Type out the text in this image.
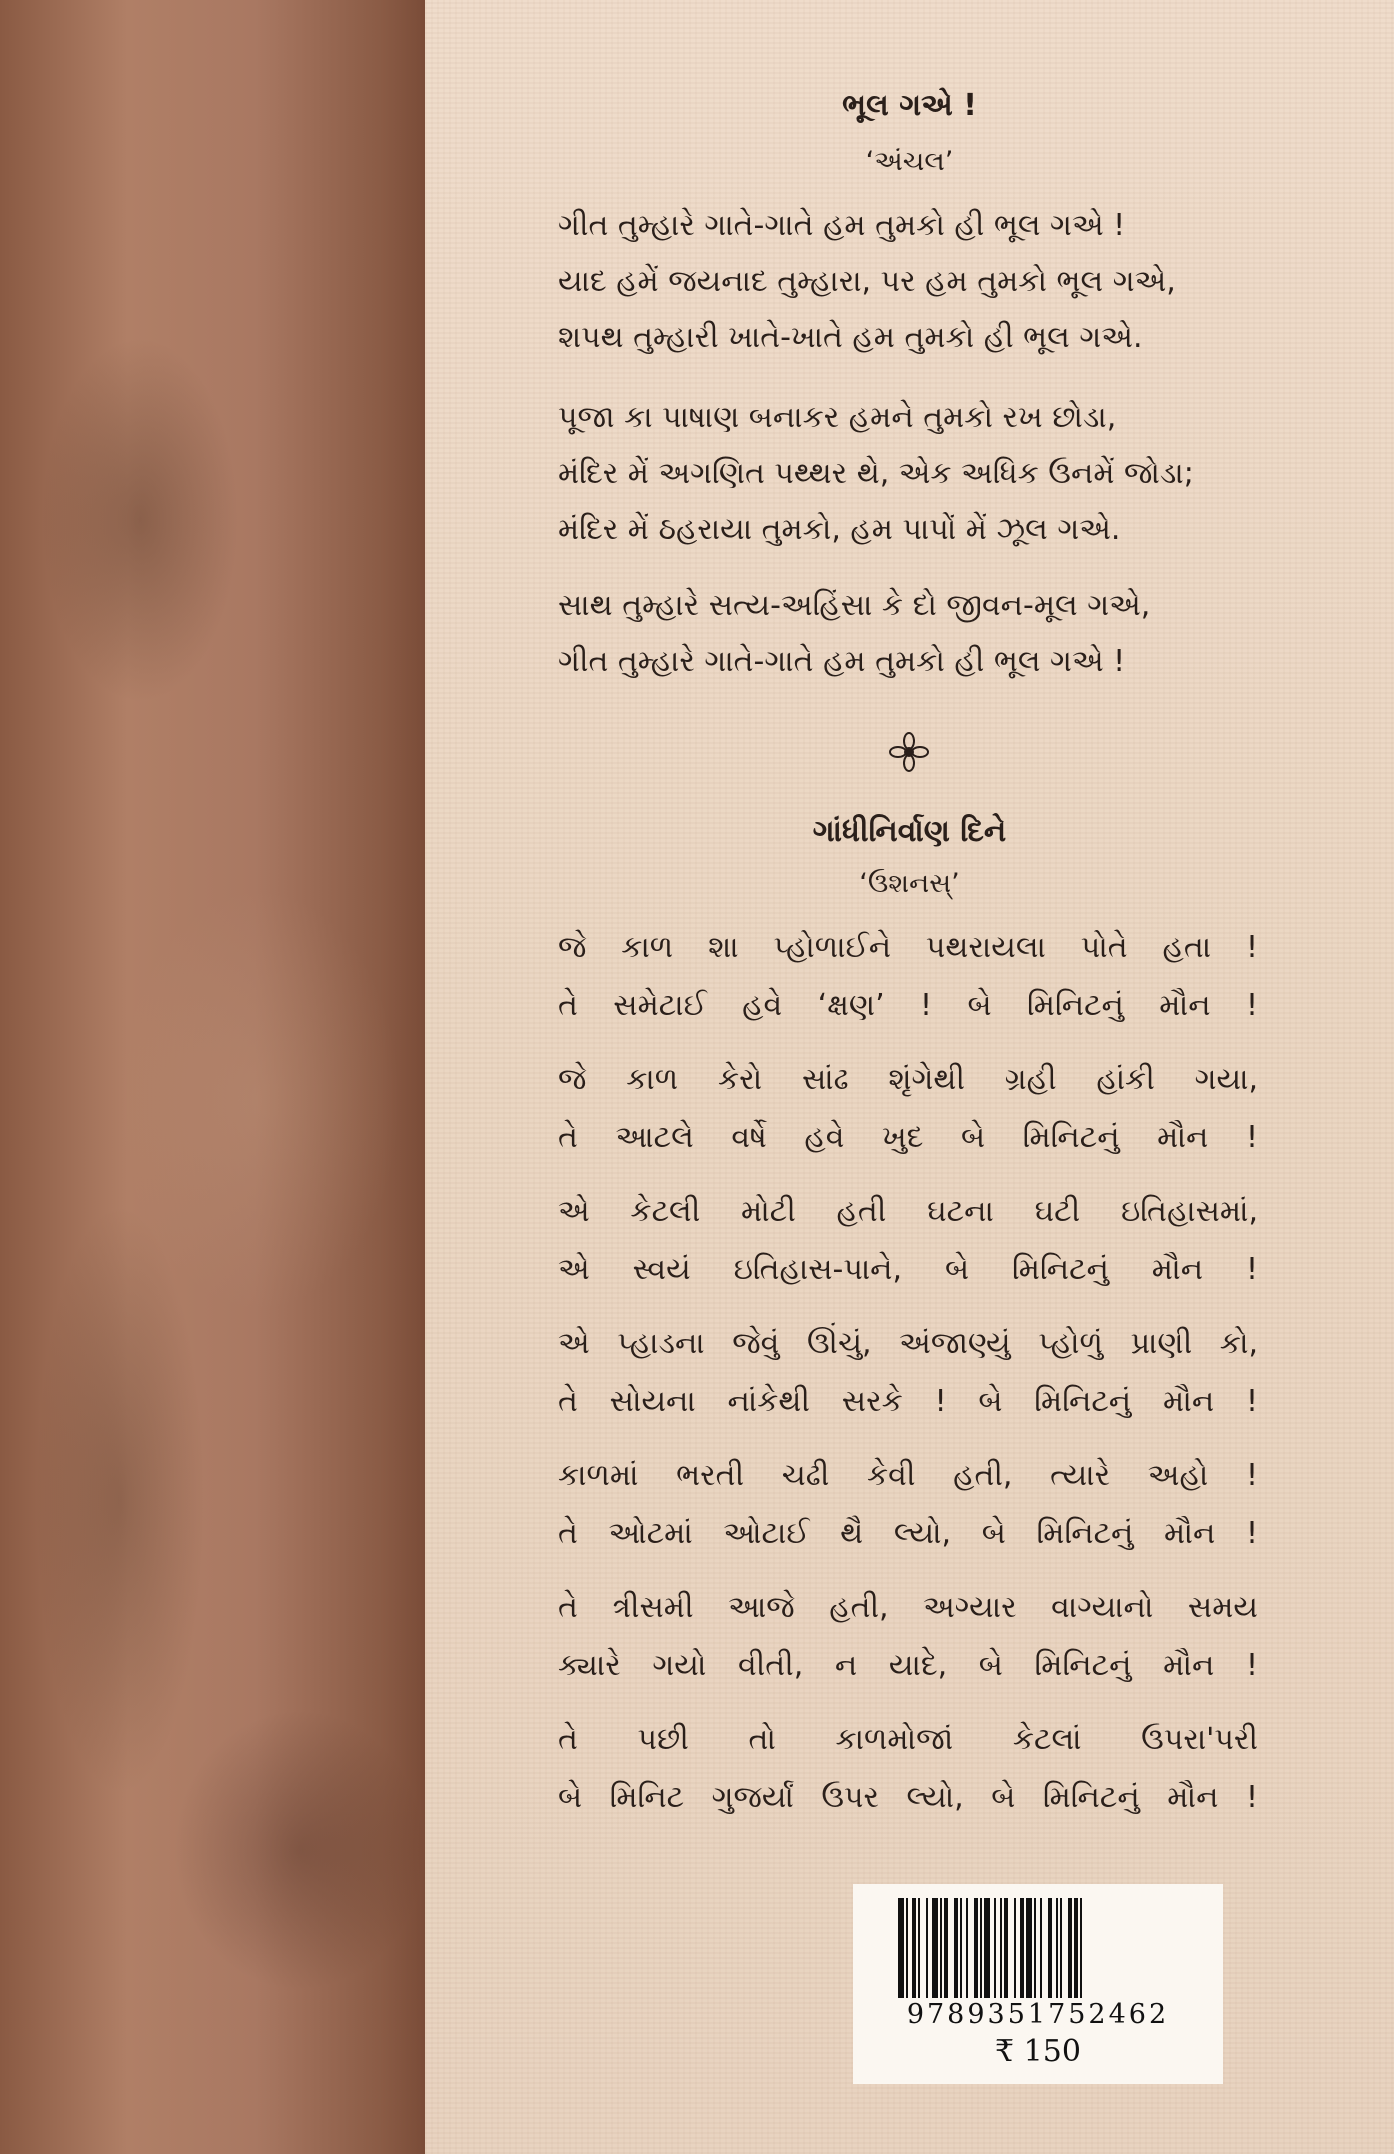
ભૂલ ગએ !
‘અંચલ’
ગીત તુમ્હારે ગાતે-ગાતે હમ તુમકો હી ભૂલ ગએ !
યાદ હમેં જયનાદ તુમ્હારા, પર હમ તુમકો ભૂલ ગએ,
શપથ તુમ્હારી ખાતે-ખાતે હમ તુમકો હી ભૂલ ગએ.
પૂજા કા પાષાણ બનાકર હમને તુમકો રખ છોડા,
મંદિર મેં અગણિત પથ્થર થે, એક અધિક ઉનમેં જોડા;
મંદિર મેં ઠહરાયા તુમકો, હમ પાપોં મેં ઝૂલ ગએ.
સાથ તુમ્હારે સત્ય-અહિંસા કે દો જીવન-મૂલ ગએ,
ગીત તુમ્હારે ગાતે-ગાતે હમ તુમકો હી ભૂલ ગએ !
ગાંધીનિર્વાણ દિને
‘ઉશનસ્’
જે કાળ શા પ્હોળાઈને પથરાયલા પોતે હતા !
તે સમેટાઈ હવે ‘ક્ષણ’ ! બે મિનિટનું મૌન !
જે કાળ કેરો સાંઢ શૃંગેથી ગ્રહી હાંકી ગયા,
તે આટલે વર્ષે હવે ખુદ બે મિનિટનું મૌન !
એ કેટલી મોટી હતી ઘટના ઘટી ઇતિહાસમાં,
એ સ્વયં ઇતિહાસ-પાને, બે મિનિટનું મૌન !
એ પ્હાડના જેવું ઊંચું, અંજાણ્યું પ્હોળું પ્રાણી કો,
તે સોયના નાંકેથી સરકે ! બે મિનિટનું મૌન !
કાળમાં ભરતી ચઢી કેવી હતી, ત્યારે અહો !
તે ઓટમાં ઓટાઈ થૈ લ્યો, બે મિનિટનું મૌન !
તે ત્રીસમી આજે હતી, અગ્યાર વાગ્યાનો સમય
ક્યારે ગયો વીતી, ન યાદે, બે મિનિટનું મૌન !
તે પછી તો કાળમોજાં કેટલાં ઉપરા'પરી
બે મિનિટ ગુજર્યાં ઉપર લ્યો, બે મિનિટનું મૌન !
9789351752462
₹ 150
